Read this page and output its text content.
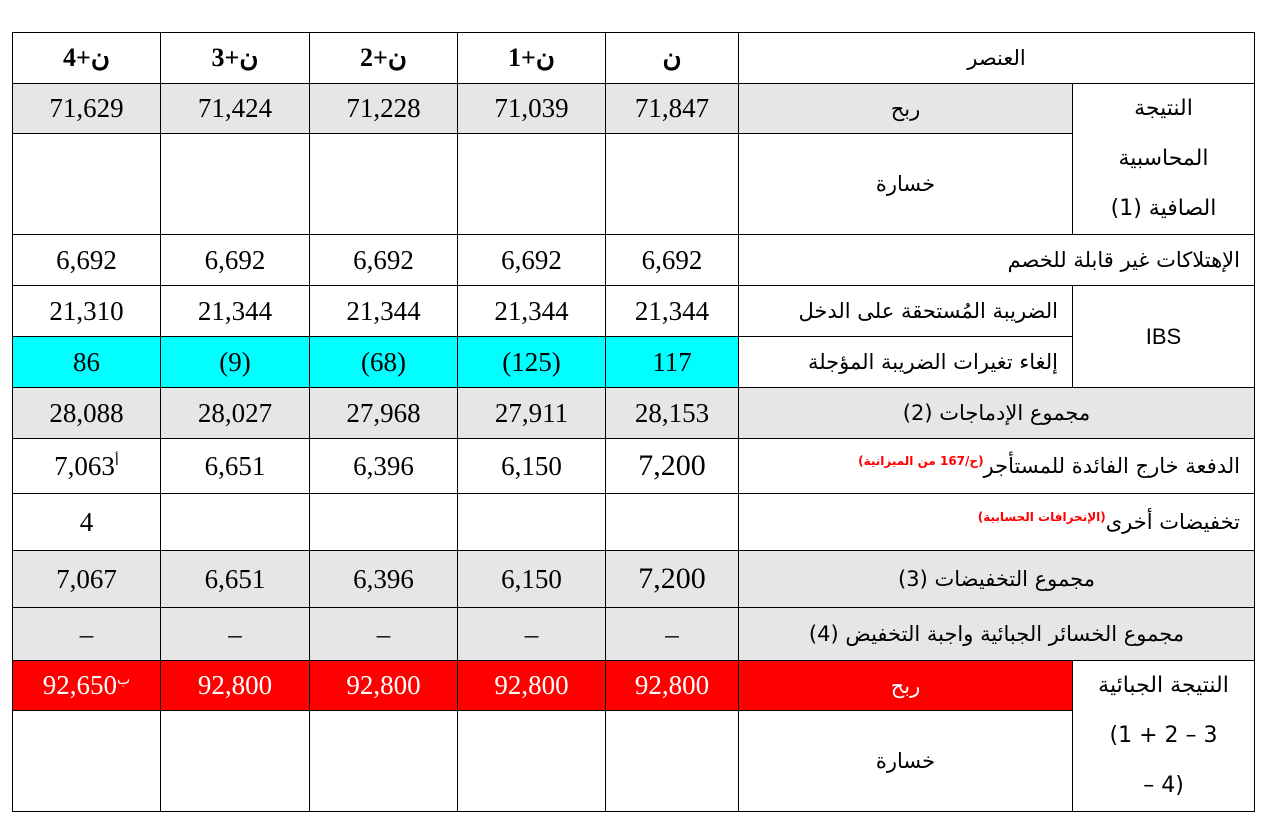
ن+4	ن+3	ن+2	ن+1	ن	العنصر	
71,629	71,424	71,228	71,039	71,847	ربح	النتيجة
المحاسبية
الصافية (1)

					خسارة	
6,692	6,692	6,692	6,692	6,692	الإهتلاكات غير قابلة للخصم	
21,310	21,344	21,344	21,344	21,344	الضريبة المُستحقة على الدخل	IBS
86	(9)	(68)	(125)	117	إلغاء تغيرات الضريبة المؤجلة	
28,088	28,027	27,968	27,911	28,153	مجموع الإدماجات (2)	
$7,063^أ$	6,651	6,396	6,150	7,200	الدفعة خارج الفائدة للمستأجر$^{(ح/167 من الميزانية)}$
4					تخفيضات أخرى$^{(الإنحرافات الحسابية)}$
7,067	6,651	6,396	6,150	7,200	مجموع التخفيضات (3)	
–	–	–	–	–	مجموع الخسائر الجبائية واجبة التخفيض (4)	
$^ب$92,650	92,800	92,800	92,800	92,800	ربح	النتيجة الجبائية
(1 + 2 – 3
– 4)

					خسارة	
